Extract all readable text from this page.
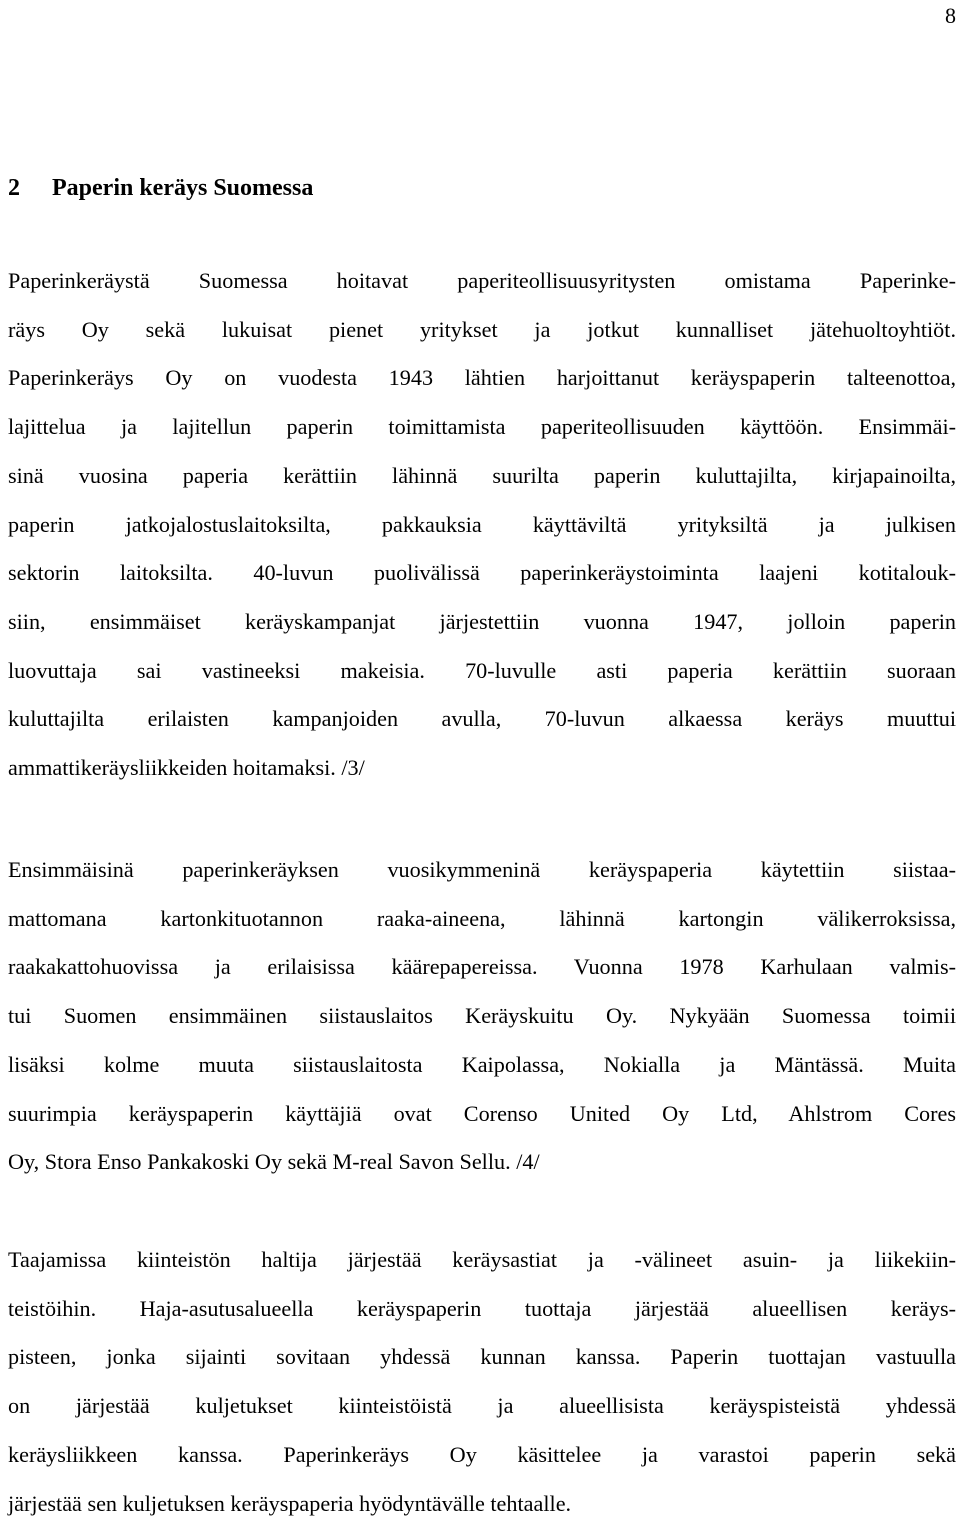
8
2 Paperin keräys Suomessa

Paperinkeräystä Suomessa hoitavat paperiteollisuusyritysten omistama Paperinke-
räys Oy sekä lukuisat pienet yritykset ja jotkut kunnalliset jätehuoltoyhtiöt.
Paperinkeräys Oy on vuodesta 1943 lähtien harjoittanut keräyspaperin talteenottoa,
lajittelua ja lajitellun paperin toimittamista paperiteollisuuden käyttöön. Ensimmäi-
sinä vuosina paperia kerättiin lähinnä suurilta paperin kuluttajilta, kirjapainoilta,
paperin jatkojalostuslaitoksilta, pakkauksia käyttäviltä yrityksiltä ja julkisen
sektorin laitoksilta. 40-luvun puolivälissä paperinkeräystoiminta laajeni kotitalouk-
siin, ensimmäiset keräyskampanjat järjestettiin vuonna 1947, jolloin paperin
luovuttaja sai vastineeksi makeisia. 70-luvulle asti paperia kerättiin suoraan
kuluttajilta erilaisten kampanjoiden avulla, 70-luvun alkaessa keräys muuttui
ammattikeräysliikkeiden hoitamaksi. /3/

Ensimmäisinä paperinkeräyksen vuosikymmeninä keräyspaperia käytettiin siistaa-
mattomana kartonkituotannon raaka-aineena, lähinnä kartongin välikerroksissa,
raakakattohuovissa ja erilaisissa käärepapereissa. Vuonna 1978 Karhulaan valmis-
tui Suomen ensimmäinen siistauslaitos Keräyskuitu Oy. Nykyään Suomessa toimii
lisäksi kolme muuta siistauslaitosta Kaipolassa, Nokialla ja Mäntässä. Muita
suurimpia keräyspaperin käyttäjiä ovat Corenso United Oy Ltd, Ahlstrom Cores
Oy, Stora Enso Pankakoski Oy sekä M-real Savon Sellu. /4/

Taajamissa kiinteistön haltija järjestää keräysastiat ja -välineet asuin- ja liikekiin-
teistöihin. Haja-asutusalueella keräyspaperin tuottaja järjestää alueellisen keräys-
pisteen, jonka sijainti sovitaan yhdessä kunnan kanssa. Paperin tuottajan vastuulla
on järjestää kuljetukset kiinteistöistä ja alueellisista keräyspisteistä yhdessä
keräysliikkeen kanssa. Paperinkeräys Oy käsittelee ja varastoi paperin sekä
järjestää sen kuljetuksen keräyspaperia hyödyntävälle tehtaalle.
